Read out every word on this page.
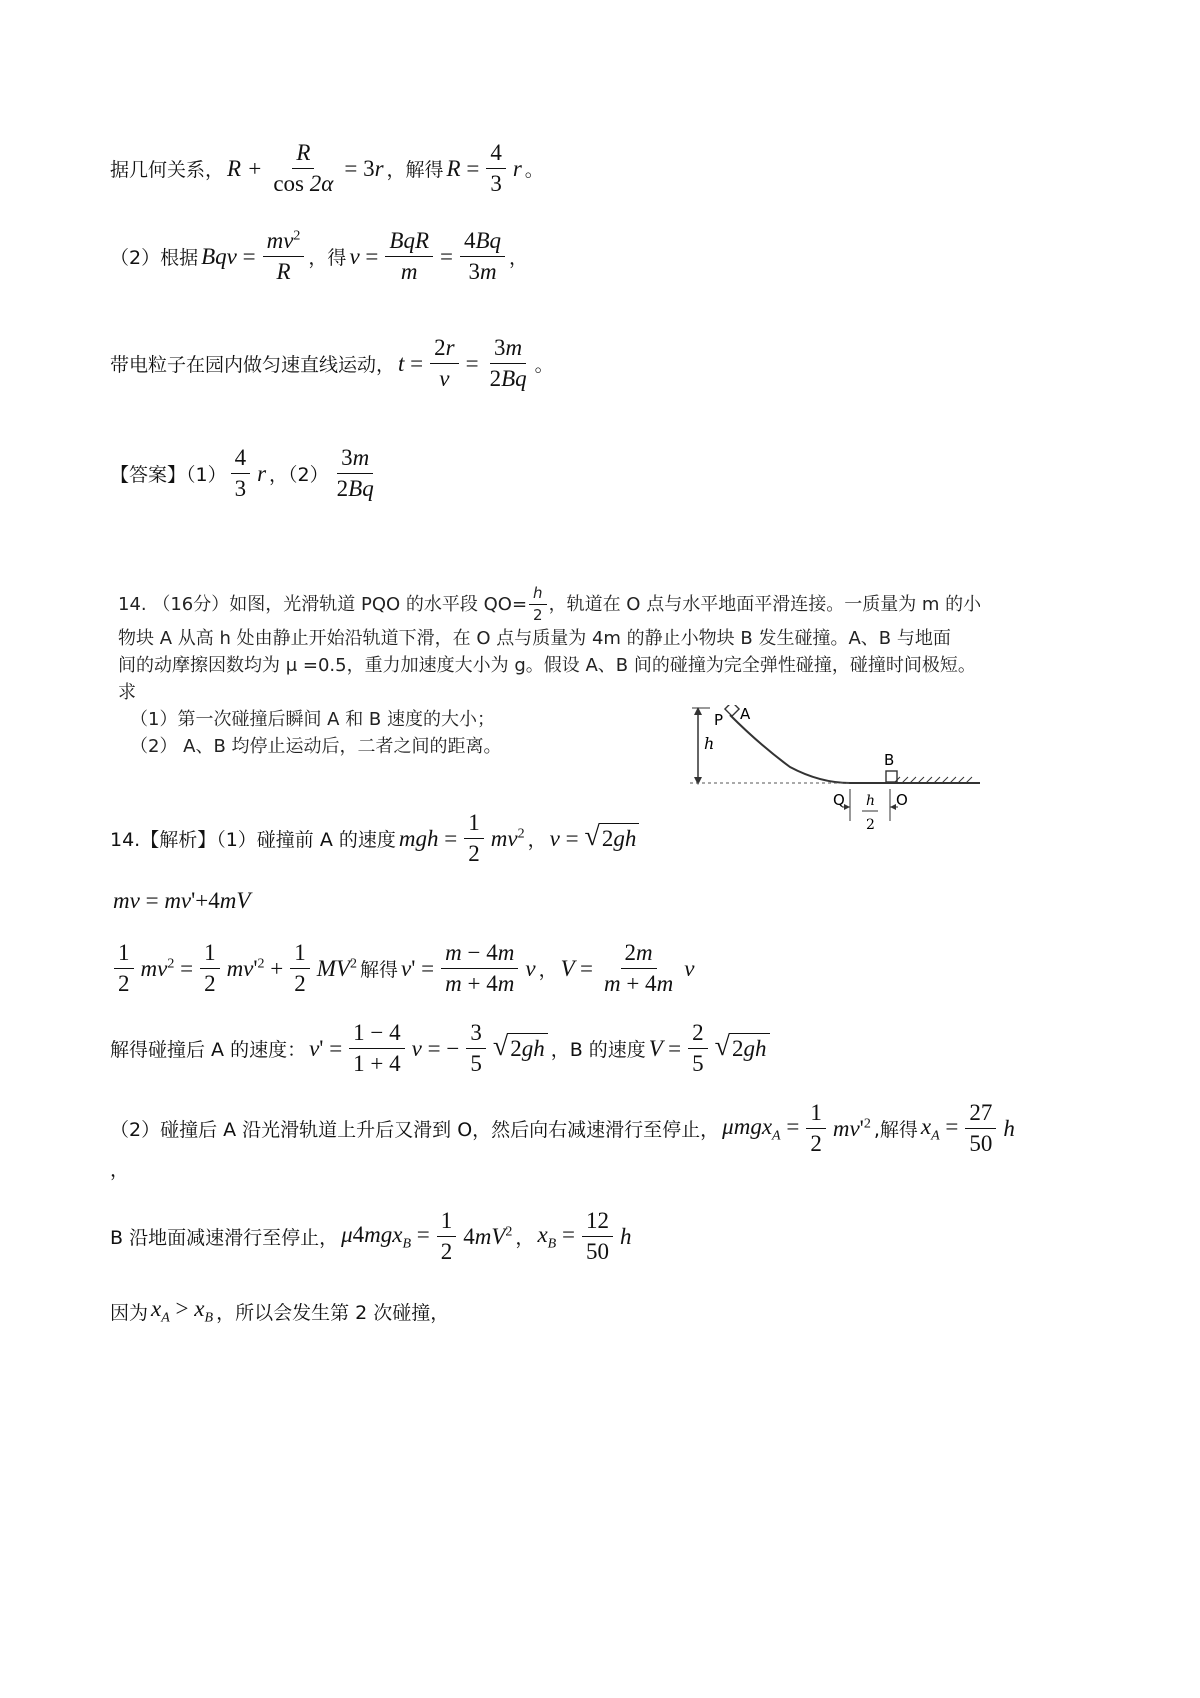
据几何关系， $R + \frac{R}{\cos 2\alpha} = 3r$ ，解得 $R = \frac{4}{3}$ r 。
（2）根据 Bqv = $\frac{mv^2}{R}$ ，得 $v = \frac{\text{BqR}}{m} = \frac{4Bq}{3m}$ ，
带电粒子在园内做匀速直线运动， $t = \frac{2r}{v} = \frac{3m}{2Bq}$ 。
【答案】$(1) \frac{4}{3}$ r ，$(2) \frac{3m}{2Bq}$

14. （16分）如图，光滑轨道 PQO 的水平段 $QO= \frac{h}{2}$ ，轨道在 O 点与水平地面平滑连接。一质量为 m 的小

物块 A 从高 h 处由静止开始沿轨道下滑，在 O 点与质量为 4m 的静止小物块 B 发生碰撞。A、B 与地面

间的动摩擦因数均为 μ =0.5，重力加速度大小为 g。假设 A、B 间的碰撞为完全弹性碰撞，碰撞时间极短。

求

（1）第一次碰撞后瞬间 A 和 B 速度的大小；

（2） A、B 均停止运动后，二者之间的距离。	h
P A
B
Q	O
h
2
14.【解析】（1）碰撞前 A 的速度 mgh = $\frac{1}{2} mv^2$ ， v = √ 2gh
mv = mv'+4mV
$\frac{1}{2} mv^2 = \frac{1}{2} mv'^2 + \frac{1}{2} MV^2$ 解得 $v' = \frac{m - 4m}{m + 4m}$ v ， $V = \frac{2m}{m + 4m}$ v
解得碰撞后 A 的速度： $v' = \frac{1 - 4}{1 + 4}$ v = − $\frac{3}{5}$ √ 2gh ，B 的速度 $V = \frac{2}{5}$ √ 2gh
（2）碰撞后 A 沿光滑轨道上升后又滑到 O，然后向右减速滑行至停止， $\mu mgx_A = \frac{1}{2} mv'^2$ ,解得 $x_A = \frac{27}{50}$ h
，
B 沿地面减速滑行至停止， $\mu 4mgx_B = \frac{1}{2} 4mV^2$ ， $x_B = \frac{12}{50}$ h
因为 $x_A > x_B$ ，所以会发生第 2 次碰撞，
